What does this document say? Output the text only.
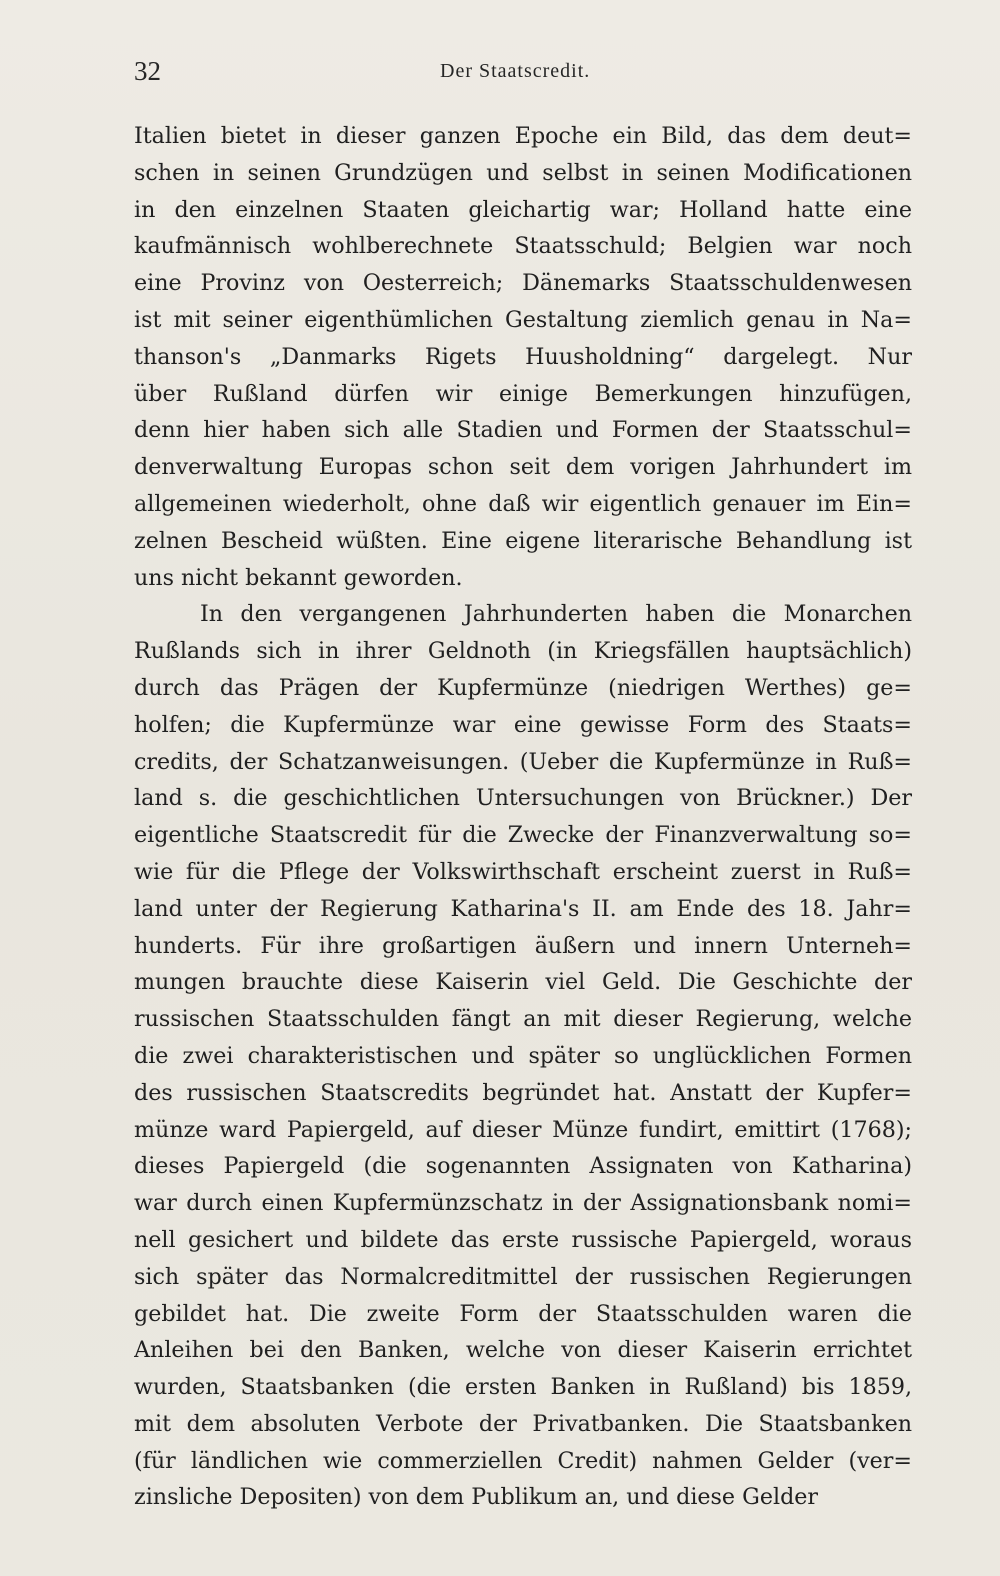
32	Der Staatscredit.
Italien bietet in dieser ganzen Epoche ein Bild, das dem deut=
schen in seinen Grundzügen und selbst in seinen Modificationen
in den einzelnen Staaten gleichartig war; Holland hatte eine
kaufmännisch wohlberechnete Staatsschuld; Belgien war noch
eine Provinz von Oesterreich; Dänemarks Staatsschuldenwesen
ist mit seiner eigenthümlichen Gestaltung ziemlich genau in Na=
thanson's „Danmarks Rigets Huusholdning“ dargelegt. Nur
über Rußland dürfen wir einige Bemerkungen hinzufügen,
denn hier haben sich alle Stadien und Formen der Staatsschul=
denverwaltung Europas schon seit dem vorigen Jahrhundert im
allgemeinen wiederholt, ohne daß wir eigentlich genauer im Ein=
zelnen Bescheid wüßten. Eine eigene literarische Behandlung ist
uns nicht bekannt geworden.
In den vergangenen Jahrhunderten haben die Monarchen
Rußlands sich in ihrer Geldnoth (in Kriegsfällen hauptsächlich)
durch das Prägen der Kupfermünze (niedrigen Werthes) ge=
holfen; die Kupfermünze war eine gewisse Form des Staats=
credits, der Schatzanweisungen. (Ueber die Kupfermünze in Ruß=
land s. die geschichtlichen Untersuchungen von Brückner.) Der
eigentliche Staatscredit für die Zwecke der Finanzverwaltung so=
wie für die Pflege der Volkswirthschaft erscheint zuerst in Ruß=
land unter der Regierung Katharina's II. am Ende des 18. Jahr=
hunderts. Für ihre großartigen äußern und innern Unterneh=
mungen brauchte diese Kaiserin viel Geld. Die Geschichte der
russischen Staatsschulden fängt an mit dieser Regierung, welche
die zwei charakteristischen und später so unglücklichen Formen
des russischen Staatscredits begründet hat. Anstatt der Kupfer=
münze ward Papiergeld, auf dieser Münze fundirt, emittirt (1768);
dieses Papiergeld (die sogenannten Assignaten von Katharina)
war durch einen Kupfermünzschatz in der Assignationsbank nomi=
nell gesichert und bildete das erste russische Papiergeld, woraus
sich später das Normalcreditmittel der russischen Regierungen
gebildet hat. Die zweite Form der Staatsschulden waren die
Anleihen bei den Banken, welche von dieser Kaiserin errichtet
wurden, Staatsbanken (die ersten Banken in Rußland) bis 1859,
mit dem absoluten Verbote der Privatbanken. Die Staatsbanken
(für ländlichen wie commerziellen Credit) nahmen Gelder (ver=
zinsliche Depositen) von dem Publikum an, und diese Gelder
